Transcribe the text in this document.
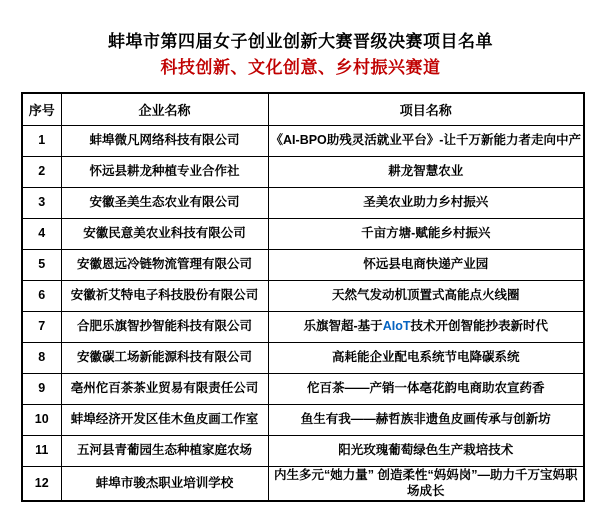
蚌埠市第四届女子创业创新大赛晋级决赛项目名单
科技创新、文化创意、乡村振兴赛道
序号	企业名称	项目名称
1	蚌埠微凡网络科技有限公司	《AI-BPO助残灵活就业平台》-让千万新能力者走向中产
2	怀远县耕龙种植专业合作社	耕龙智慧农业
3	安徽圣美生态农业有限公司	圣美农业助力乡村振兴
4	安徽民意美农业科技有限公司	千亩方塘-赋能乡村振兴
5	安徽恩远冷链物流管理有限公司	怀远县电商快递产业园
6	安徽祈艾特电子科技股份有限公司	天然气发动机顶置式高能点火线圈
7	合肥乐旗智抄智能科技有限公司	乐旗智超-基于AIoT技术开创智能抄表新时代
8	安徽碳工场新能源科技有限公司	高耗能企业配电系统节电降碳系统
9	亳州佗百茶茶业贸易有限责任公司	佗百茶——产销一体亳花韵电商助农宣药香
10	蚌埠经济开发区佳木鱼皮画工作室	鱼生有我——赫哲族非遗鱼皮画传承与创新坊
11	五河县青葡园生态种植家庭农场	阳光玫瑰葡萄绿色生产栽培技术
12	蚌埠市骏杰职业培训学校	内生多元“她力量” 创造柔性“妈妈岗”—助力千万宝妈职场成长
